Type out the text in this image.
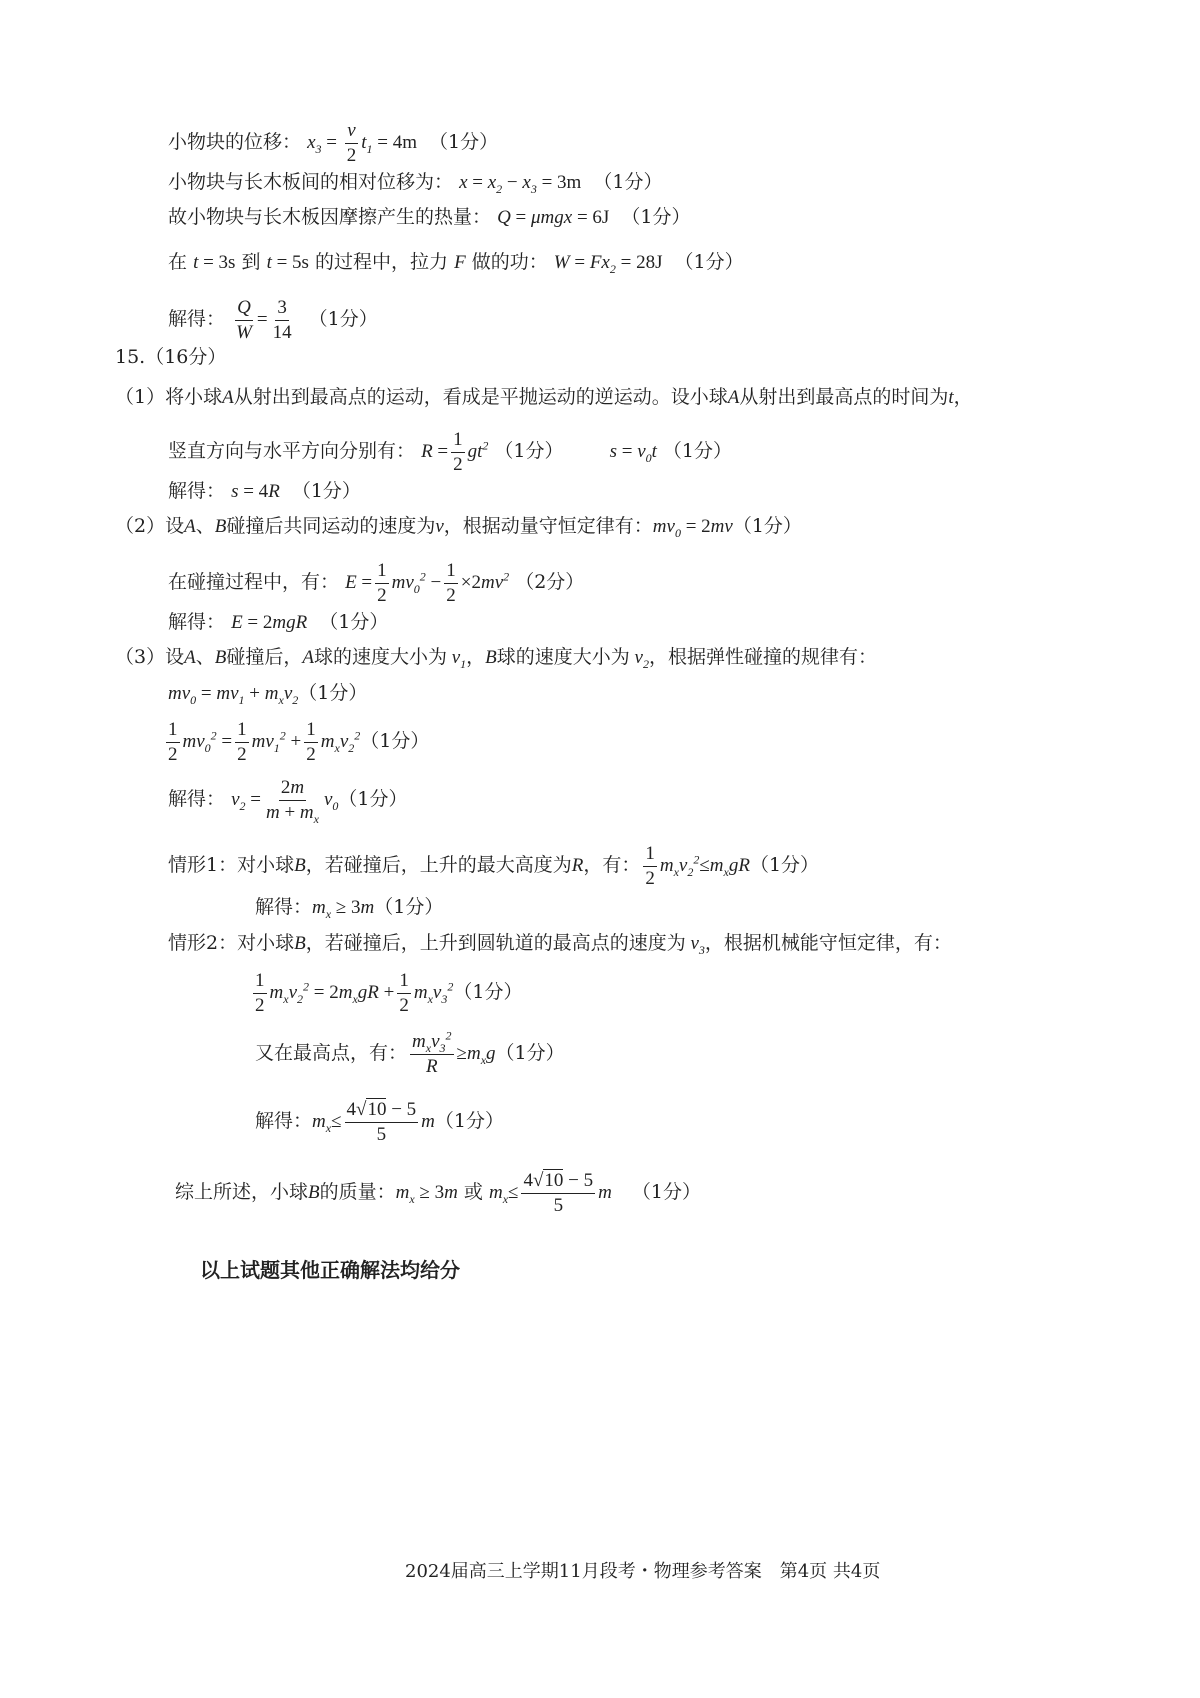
小物块的位移： $x_3 = \frac{v}{2} t_1 = 4m$ （1分）
小物块与长木板间的相对位移为： $x = x_2 - x_3 = 3m$ （1分）
故小物块与长木板因摩擦产生的热量： Q = μmgx = 6J （1分）
在 t = 3s 到 t = 5s 的过程中，拉力 F 做的功： $W = Fx_2 = 28J$ （1分）
解得： $\frac{Q}{W} = \frac{3}{14} (1$分）
15.（16分）
（1）将小球A从射出到最高点的运动，看成是平抛运动的逆运动。设小球A从射出到最高点的时间为t，
竖直方向与水平方向分别有： $R = \frac{1}{2} gt^2$ （1分） $s = v_0t$ （1分）
解得： s = 4R （1分）
（2）设A、B碰撞后共同运动的速度为v，根据动量守恒定律有：$mv_0 = 2mv(1$分）
在碰撞过程中，有： $E = \frac{1}{2} mv_0^2 - \frac{1}{2} \times 2mv^2$ （2分）
解得： E = 2mgR （1分）
（3）设A、B碰撞后，A球的速度大小为 $v_1$，B球的速度大小为 $v_2$，根据弹性碰撞的规律有：
$mv_0 = mv_1 + m_xv_2(1$分）
$\frac{1}{2} mv_0^2 = \frac{1}{2} mv_1^2 + \frac{1}{2} m_xv_2^2(1$分）
解得： $v_2 = \frac{2m}{m + m_x} v_0(1$分）
情形1：对小球B，若碰撞后，上升的最大高度为R，有： $\frac{1}{2} m_xv_2^2\le m_xgR(1$分）
解得：$m_x \ge 3m(1$分）
情形2：对小球B，若碰撞后，上升到圆轨道的最高点的速度为 $v_3$，根据机械能守恒定律，有：
$\frac{1}{2} m_xv_2^2 = 2m_xgR + \frac{1}{2} m_xv_3^2(1$分）
又在最高点，有： $\frac{m_xv_3^2}{R} \ge m_xg(1$分）
解得：$m_x\le \frac{4√10 - 5}{5} m(1$分）
综上所述，小球B的质量：$m_x \ge 3m$ 或 $m_x\le \frac{4√10 - 5}{5}$ m （1分）
以上试题其他正确解法均给分
2024届高三上学期11月段考・物理参考答案　第4页 共4页
